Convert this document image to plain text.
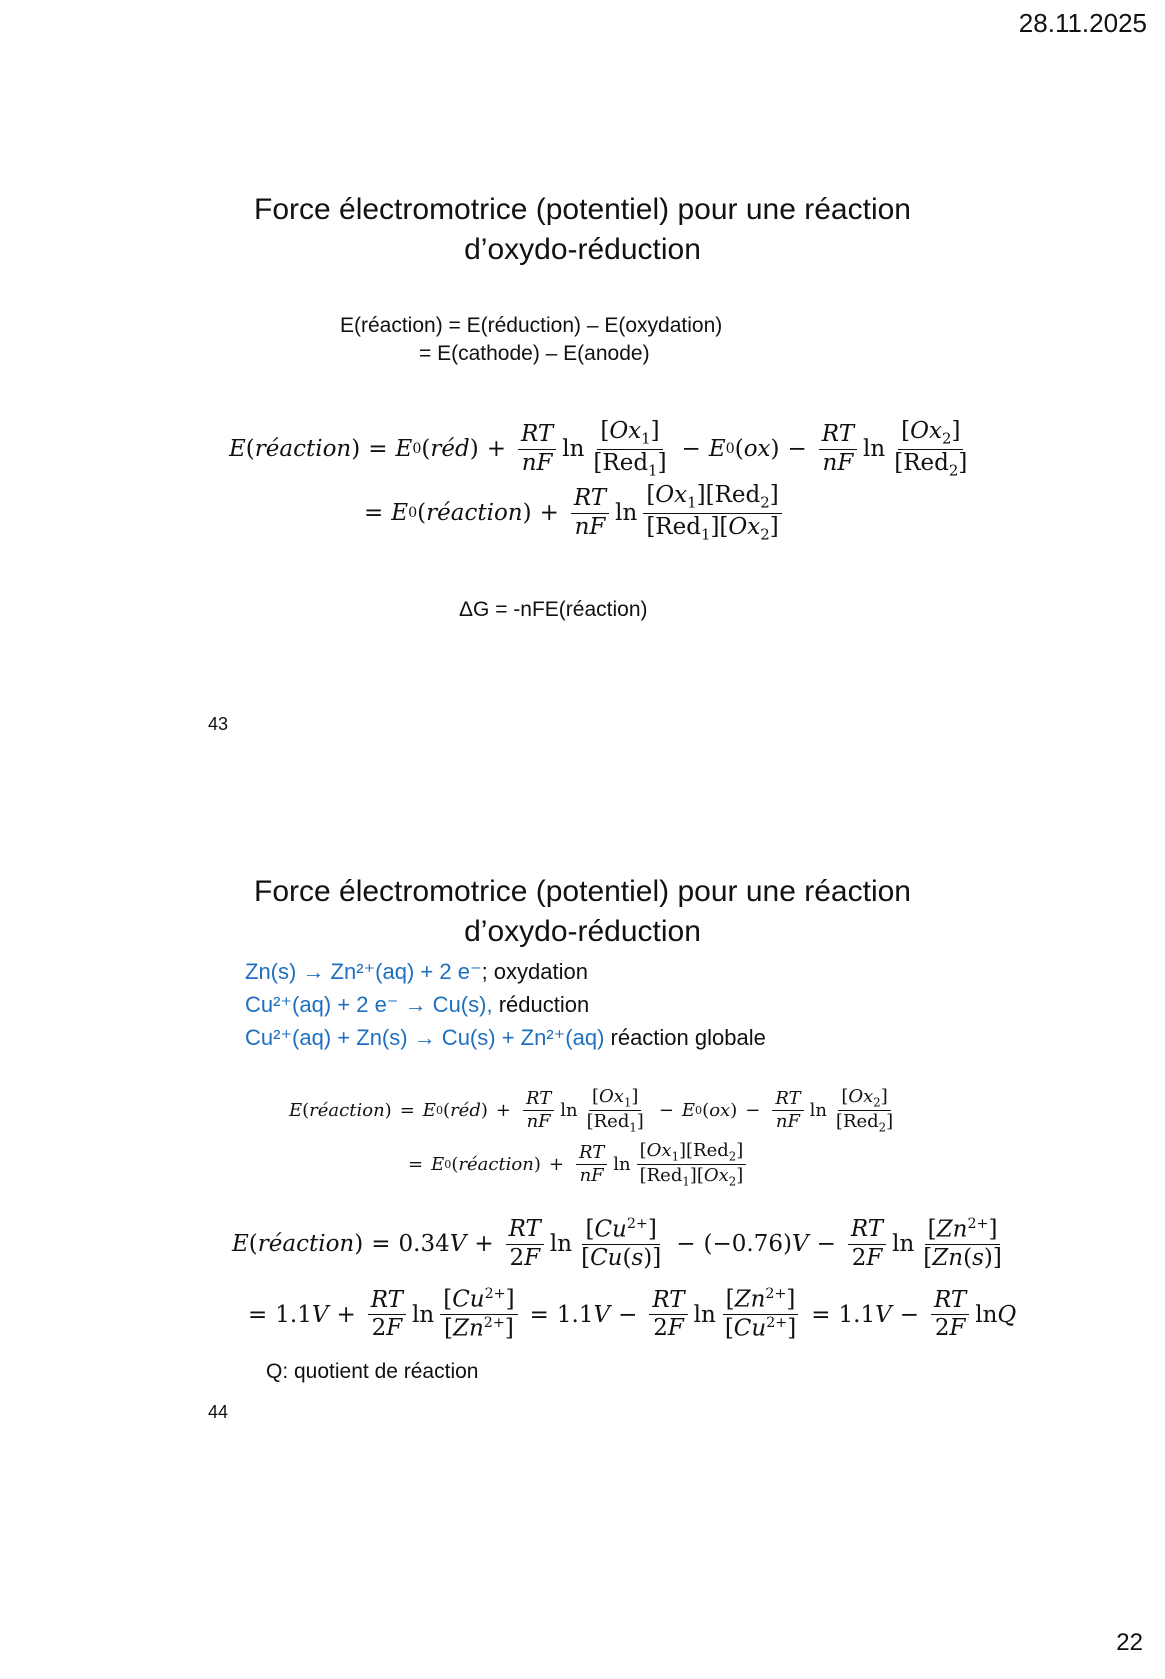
28.11.2025
22
Force électromotrice (potentiel) pour une réaction
d’oxydo-réduction
E(réaction) = E(réduction) – E(oxydation)
= E(cathode) – E(anode)
E ( réaction ) = E 0 ( réd ) + $\frac{RT}{nF}$ $\ln \frac{[Ox_1]}{[Red_1]} - E$ 0 ( ox ) − $\frac{RT}{nF}$ $\ln \frac{[Ox_2]}{[Red_2]}$
= E 0 ( réaction ) + $\frac{RT}{nF}$ $\ln \frac{[Ox_1][Red_2]}{[Red_1][Ox_2]}$
ΔG = -nFE(réaction)
43
Force électromotrice (potentiel) pour une réaction
d’oxydo-réduction
Zn(s) → Zn²⁺(aq) + 2 e⁻; oxydation
Cu²⁺(aq) + 2 e⁻ → Cu(s), réduction
Cu²⁺(aq) + Zn(s) → Cu(s) + Zn²⁺(aq) réaction globale
E ( réaction ) = E 0 ( réd ) + $\frac{RT}{nF}$ $\ln \frac{[Ox_1]}{[Red_1]} - E$ 0 ( ox ) − $\frac{RT}{nF}$ $\ln \frac{[Ox_2]}{[Red_2]}$
= E 0 ( réaction ) + $\frac{RT}{nF}$ $\ln \frac{[Ox_1][Red_2]}{[Red_1][Ox_2]}$
E ( réaction ) = 0.34 $V + \frac{RT}{2F}$ $\ln \frac{[Cu^{2+}]}{[Cu(s)]} - (-0.76) V - \frac{RT}{2F}$ $\ln \frac{[Zn^{2+}]}{[Zn(s)]}$
= 1.1 $V + \frac{RT}{2F}$ $\ln \frac{[Cu^{2+}]}{[Zn^{2+}]} = 1.1$ $V - \frac{RT}{2F}$ $\ln \frac{[Zn^{2+}]}{[Cu^{2+}]} = 1.1$ $V - \frac{RT}{2F}$ lnQ
Q: quotient de réaction
44
